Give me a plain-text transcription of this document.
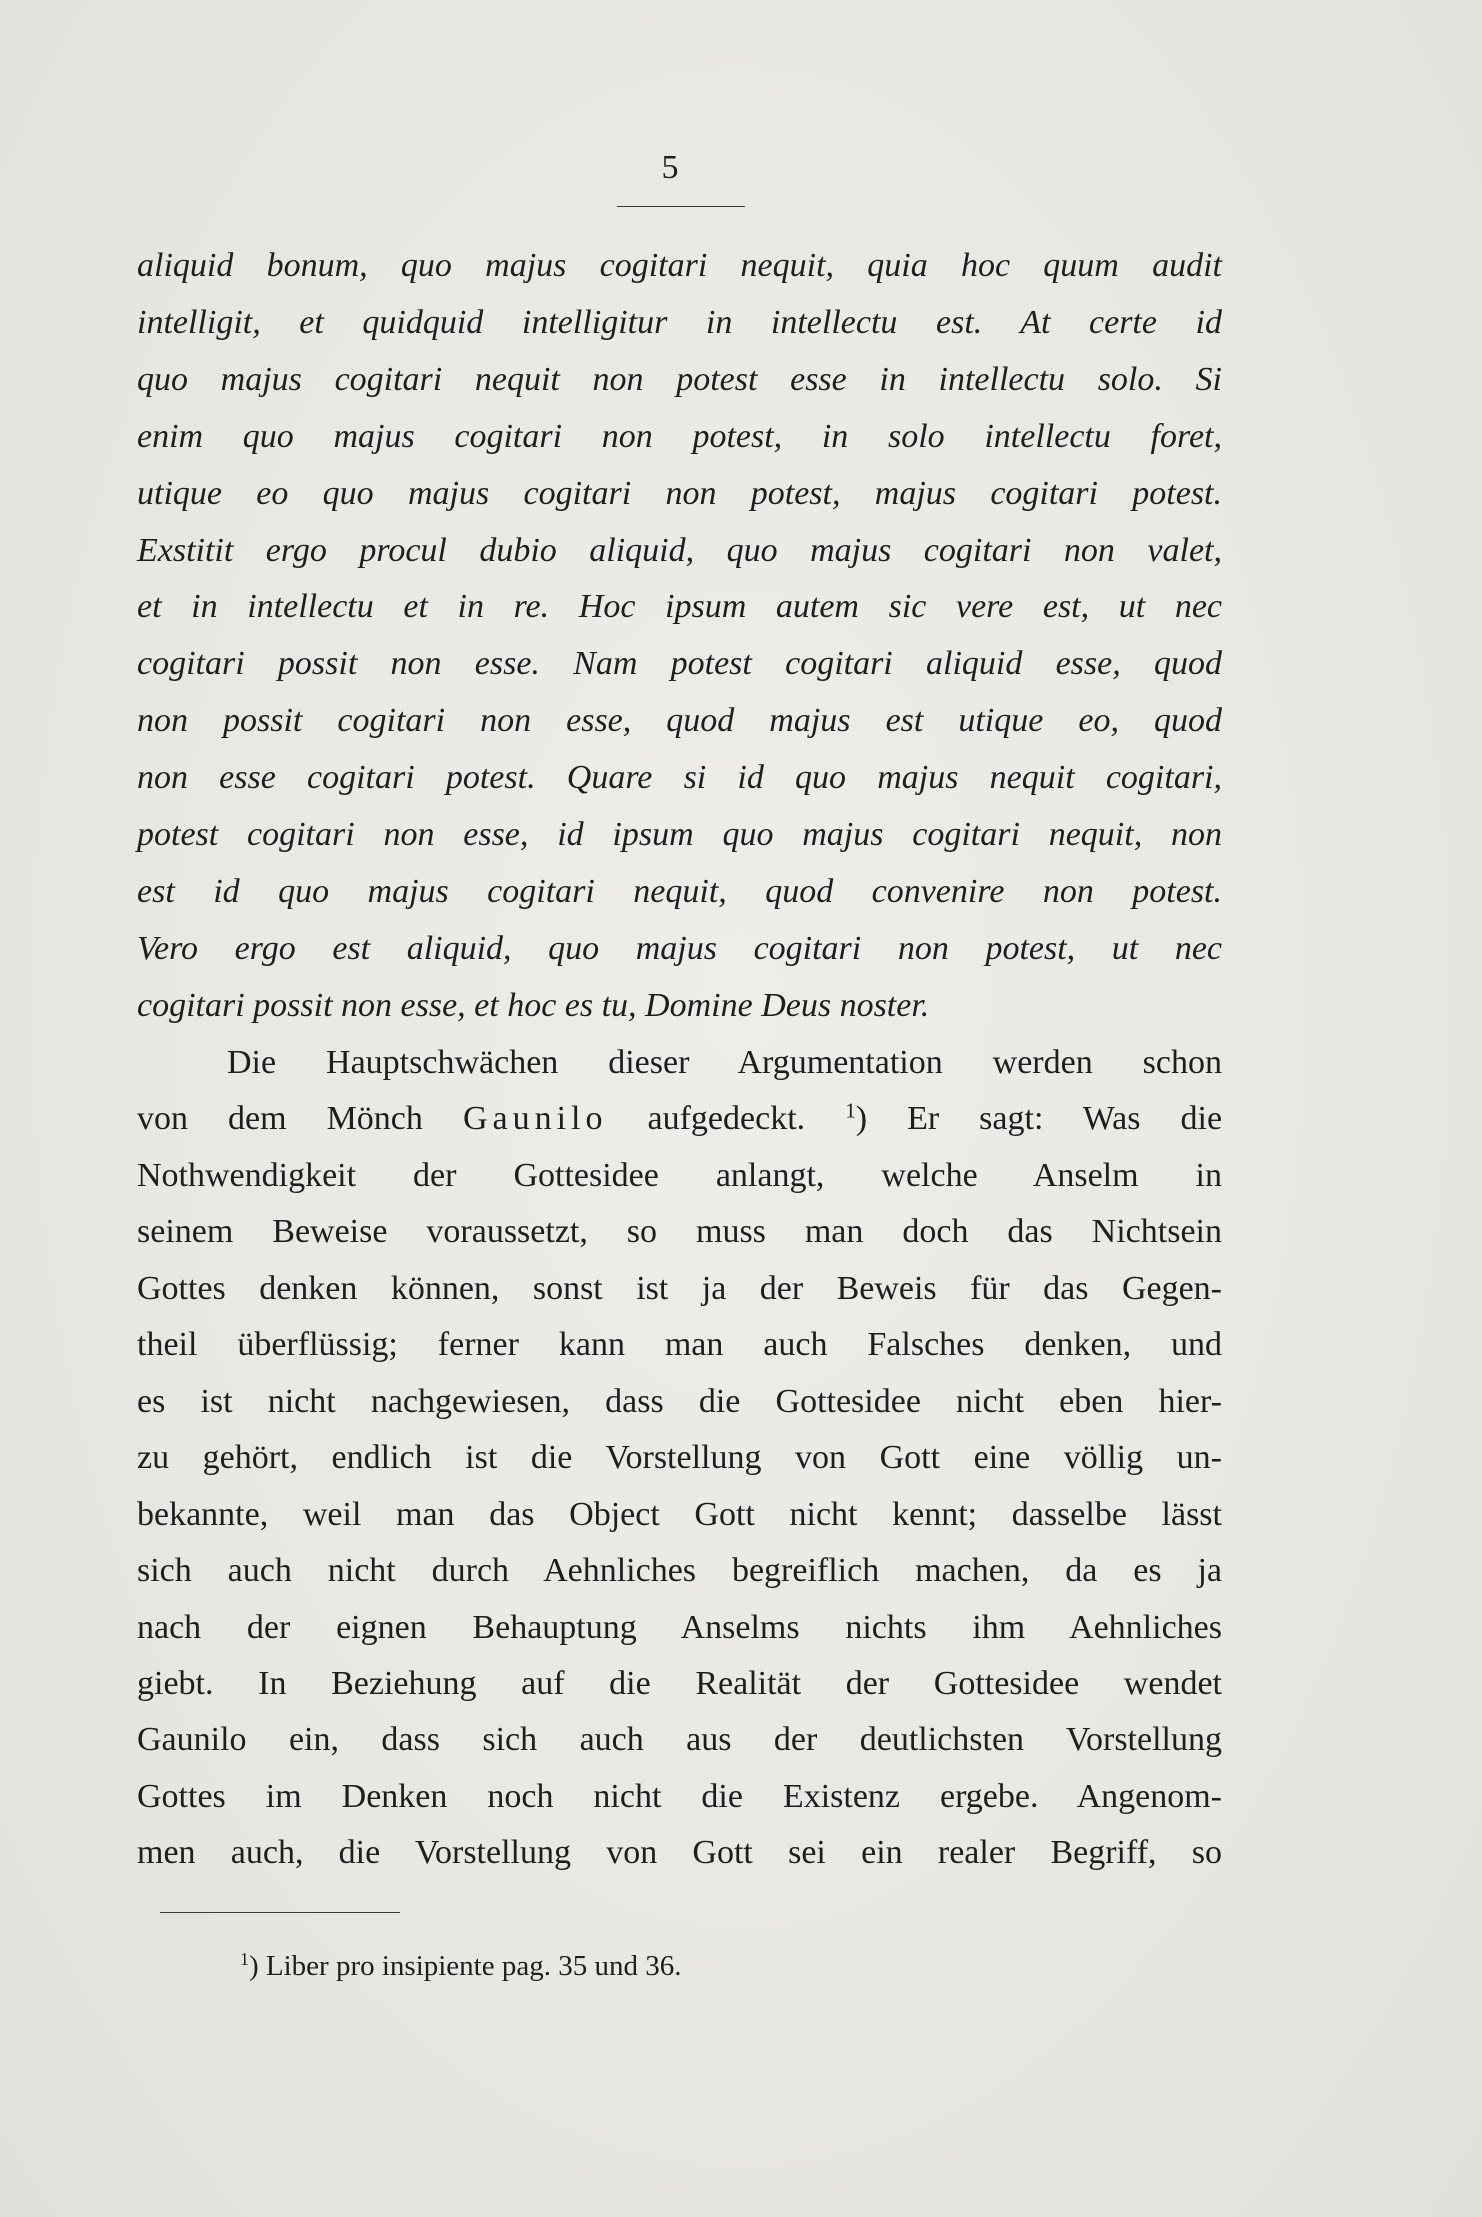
5
aliquid bonum, quo majus cogitari nequit, quia hoc quum audit
intelligit, et quidquid intelligitur in intellectu est. At certe id
quo majus cogitari nequit non potest esse in intellectu solo. Si
enim quo majus cogitari non potest, in solo intellectu foret,
utique eo quo majus cogitari non potest, majus cogitari potest.
Exstitit ergo procul dubio aliquid, quo majus cogitari non valet,
et in intellectu et in re. Hoc ipsum autem sic vere est, ut nec
cogitari possit non esse. Nam potest cogitari aliquid esse, quod
non possit cogitari non esse, quod majus est utique eo, quod
non esse cogitari potest. Quare si id quo majus nequit cogitari,
potest cogitari non esse, id ipsum quo majus cogitari nequit, non
est id quo majus cogitari nequit, quod convenire non potest.
Vero ergo est aliquid, quo majus cogitari non potest, ut nec
cogitari possit non esse, et hoc es tu, Domine Deus noster.
Die Hauptschwächen dieser Argumentation werden schon
von dem Mönch Gaunilo aufgedeckt. $^1$) Er sagt: Was die
Nothwendigkeit der Gottesidee anlangt, welche Anselm in
seinem Beweise voraussetzt, so muss man doch das Nichtsein
Gottes denken können, sonst ist ja der Beweis für das Gegen-
theil überflüssig; ferner kann man auch Falsches denken, und
es ist nicht nachgewiesen, dass die Gottesidee nicht eben hier-
zu gehört, endlich ist die Vorstellung von Gott eine völlig un-
bekannte, weil man das Object Gott nicht kennt; dasselbe lässt
sich auch nicht durch Aehnliches begreiflich machen, da es ja
nach der eignen Behauptung Anselms nichts ihm Aehnliches
giebt. In Beziehung auf die Realität der Gottesidee wendet
Gaunilo ein, dass sich auch aus der deutlichsten Vorstellung
Gottes im Denken noch nicht die Existenz ergebe. Angenom-
men auch, die Vorstellung von Gott sei ein realer Begriff, so
$^1$) Liber pro insipiente pag. 35 und 36.
